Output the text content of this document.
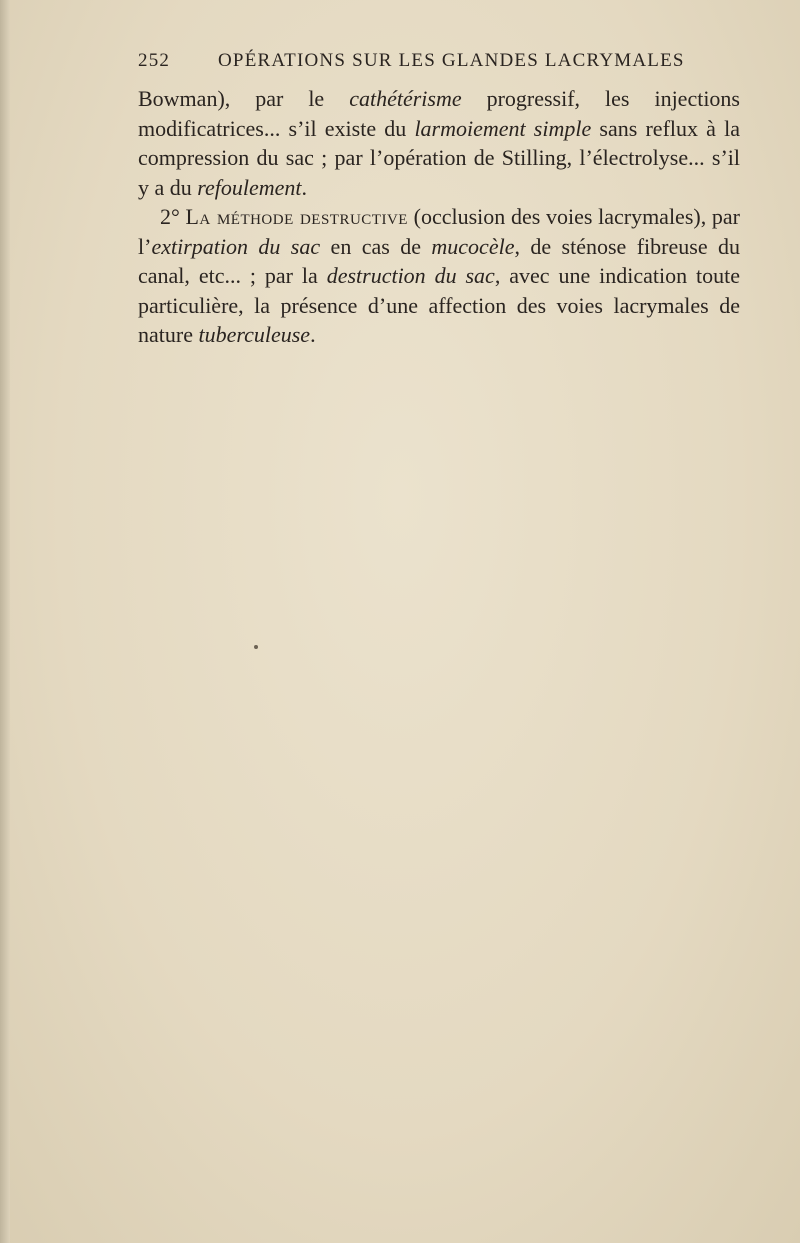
252	OPÉRATIONS SUR LES GLANDES LACRYMALES

Bowman), par le cathétérisme progressif, les injections modificatrices... s’il existe du larmoiement simple sans reflux à la compression du sac ; par l’opération de Stilling, l’électrolyse... s’il y a du refoulement.

2° La méthode destructive (occlusion des voies lacrymales), par l’extirpation du sac en cas de mucocèle, de sténose fibreuse du canal, etc... ; par la destruction du sac, avec une indication toute particulière, la présence d’une affection des voies lacrymales de nature tuberculeuse.
